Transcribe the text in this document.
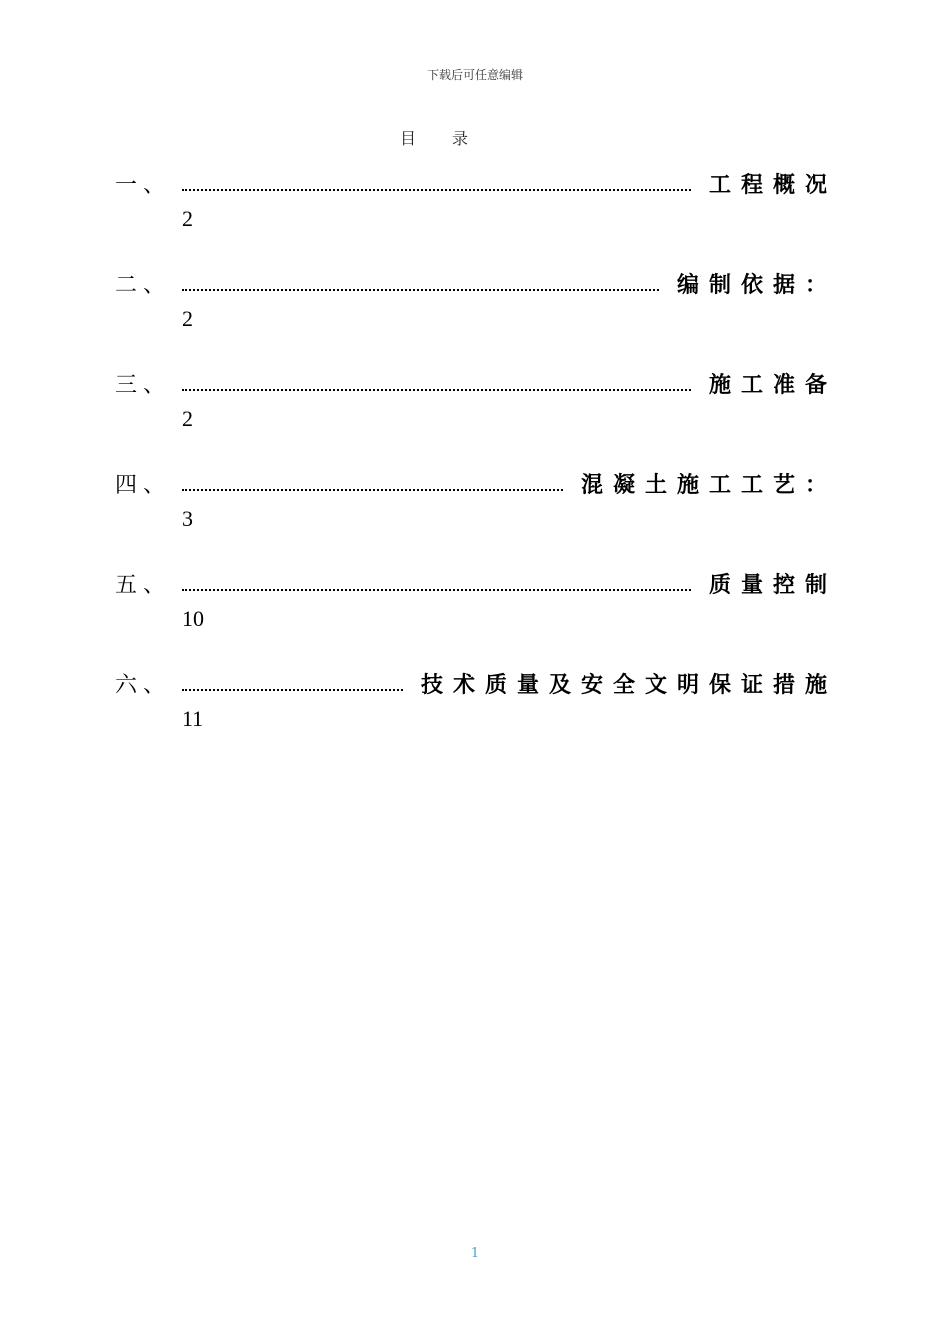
下载后可任意编辑
目 录
一、	工程概况
2
二、	编制依据：
2
三、	施工准备
2
四、	混凝土施工工艺：
3
五、	质量控制
10
六、	技术质量及安全文明保证措施
11
1
